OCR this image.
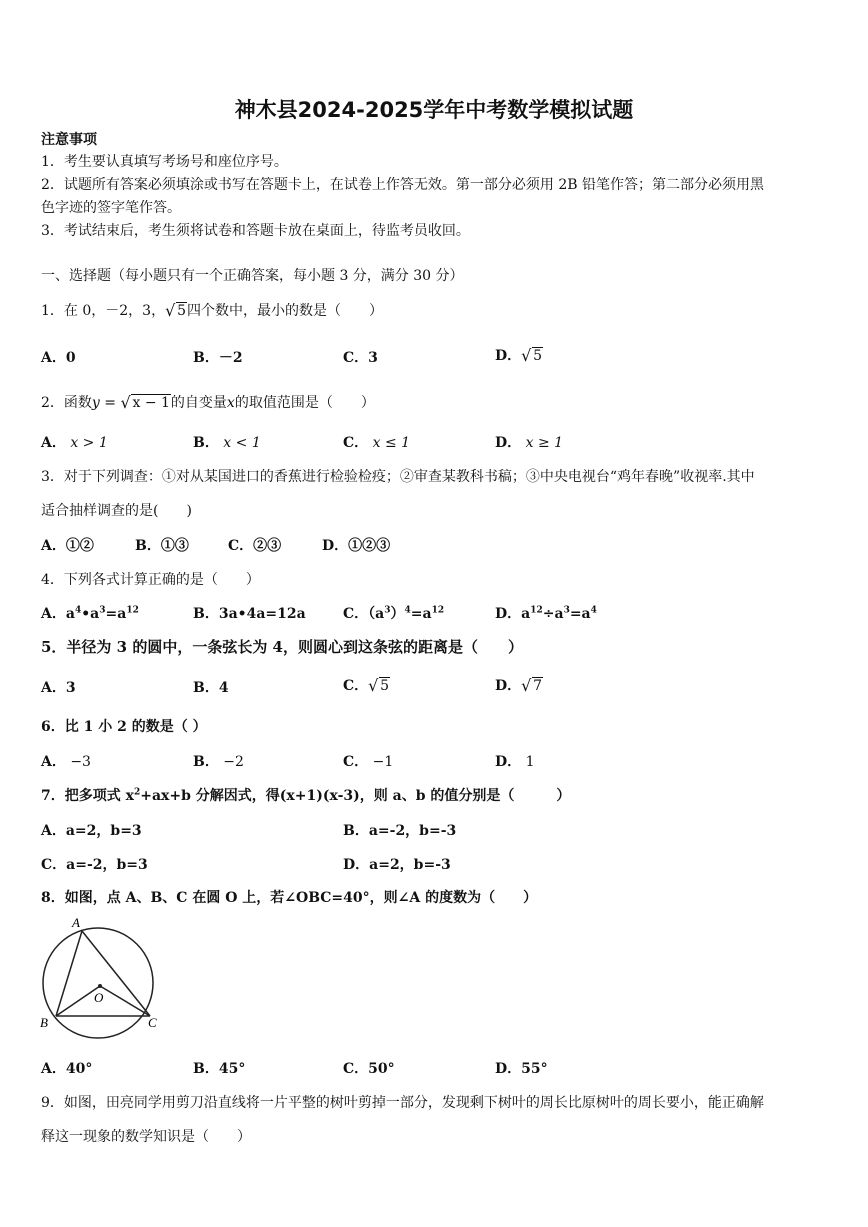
神木县2024-2025学年中考数学模拟试题
注意事项
1．考生要认真填写考场号和座位序号。
2．试题所有答案必须填涂或书写在答题卡上，在试卷上作答无效。第一部分必须用 2B 铅笔作答；第二部分必须用黑
色字迹的签字笔作答。
3．考试结束后，考生须将试卷和答题卡放在桌面上，待监考员收回。
一、选择题（每小题只有一个正确答案，每小题 3 分，满分 30 分）
1．在 0，－2，3， √ 5四个数中，最小的数是（　　）
A．0	B．－2	C．3	D． √ 5
2．函数y = √ x − 1的自变量x的取值范围是（　　）
A． x > 1	B． x < 1	C． x ≤ 1	D． x ≥ 1
3．对于下列调查：①对从某国进口的香蕉进行检验检疫；②审查某教科书稿；③中央电视台“鸡年春晚”收视率.其中
适合抽样调查的是(　　)
A．①②	B．①③	C．②③	D．①②③
4．下列各式计算正确的是（　　）
A．$a^4•a^3=a^{12}$	B．3a•4a=12a	C．$(a^3)^4=a^{12}$	D．$a^{12}\div a^3=a^4$
5．半径为 3 的圆中，一条弦长为 4，则圆心到这条弦的距离是（　　）
A．3	B．4	C． √ 5	D． √ 7
6．比 1 小 2 的数是（ ）
A． −3	B． −2	C． −1	D． 1
7．把多项式 $x^2+ax+b$ 分解因式，得(x+1)(x-3)，则 a、b 的值分别是（　　　）
A．a=2，b=3	B．a=-2，b=-3
C．a=-2，b=3	D．a=2，b=-3
8．如图，点 A、B、C 在圆 O 上，若∠OBC=40°，则∠A 的度数为（　　）
A
B	C
O
A．40°	B．45°	C．50°	D．55°
9．如图，田亮同学用剪刀沿直线将一片平整的树叶剪掉一部分，发现剩下树叶的周长比原树叶的周长要小，能正确解
释这一现象的数学知识是（　　）
